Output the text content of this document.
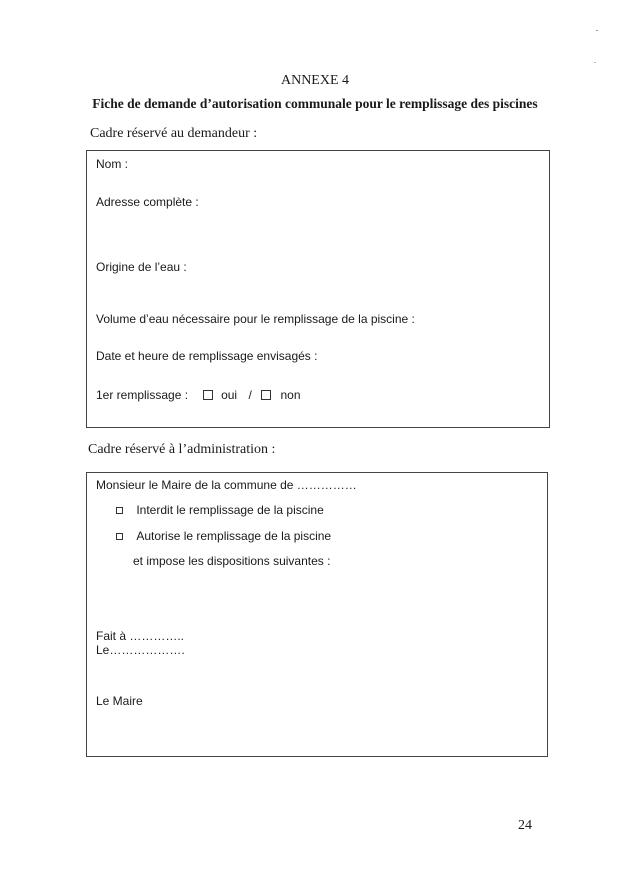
ANNEXE 4
Fiche de demande d’autorisation communale pour le remplissage des piscines
Cadre réservé au demandeur :
Nom :
Adresse complète :
Origine de l’eau :
Volume d’eau nécessaire pour le remplissage de la piscine :
Date et heure de remplissage envisagés :
1er remplissage :	oui / non
Cadre réservé à l’administration :
Monsieur le Maire de la commune de ……………
Interdit le remplissage de la piscine
Autorise le remplissage de la piscine
et impose les dispositions suivantes :
Fait à …………..
Le……………….
Le Maire
24
